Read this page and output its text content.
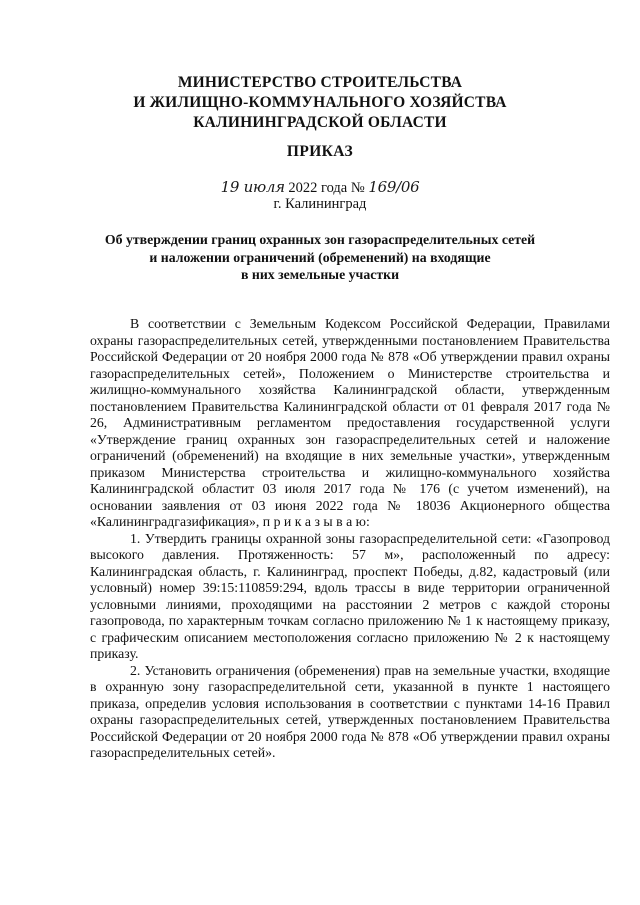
МИНИСТЕРСТВО СТРОИТЕЛЬСТВА
И ЖИЛИЩНО-КОММУНАЛЬНОГО ХОЗЯЙСТВА
КАЛИНИНГРАДСКОЙ ОБЛАСТИ
ПРИКАЗ
19 июля 2022 года № 169/06
г. Калининград
Об утверждении границ охранных зон газораспределительных сетей
и наложении ограничений (обременений) на входящие
в них земельные участки

В соответствии с Земельным Кодексом Российской Федерации, Правилами охраны газораспределительных сетей, утвержденными постановлением Правительства Российской Федерации от 20 ноября 2000 года № 878 «Об утверждении правил охраны газораспределительных сетей», Положением о Министерстве строительства и жилищно-коммунального хозяйства Калининградской области, утвержденным постановлением Правительства Калининградской области от 01 февраля 2017 года № 26, Административным регламентом предоставления государственной услуги «Утверждение границ охранных зон газораспределительных сетей и наложение ограничений (обременений) на входящие в них земельные участки», утвержденным приказом Министерства строительства и жилищно-коммунального хозяйства Калининградской областит 03 июля 2017 года № 176 (с учетом изменений), на основании заявления от 03 июня 2022 года № 18036 Акционерного общества «Калининградгазификация», п р и к а з ы в а ю:

1. Утвердить границы охранной зоны газораспределительной сети: «Газопровод высокого давления. Протяженность: 57 м», расположенный по адресу: Калининградская область, г. Калининград, проспект Победы, д.82, кадастровый (или условный) номер 39:15:110859:294, вдоль трассы в виде территории ограниченной условными линиями, проходящими на расстоянии 2 метров с каждой стороны газопровода, по характерным точкам согласно приложению № 1 к настоящему приказу, с графическим описанием местоположения согласно приложению № 2 к настоящему приказу.

2. Установить ограничения (обременения) прав на земельные участки, входящие в охранную зону газораспределительной сети, указанной в пункте 1 настоящего приказа, определив условия использования в соответствии с пунктами 14-16 Правил охраны газораспределительных сетей, утвержденных постановлением Правительства Российской Федерации от 20 ноября 2000 года № 878 «Об утверждении правил охраны газораспределительных сетей».
